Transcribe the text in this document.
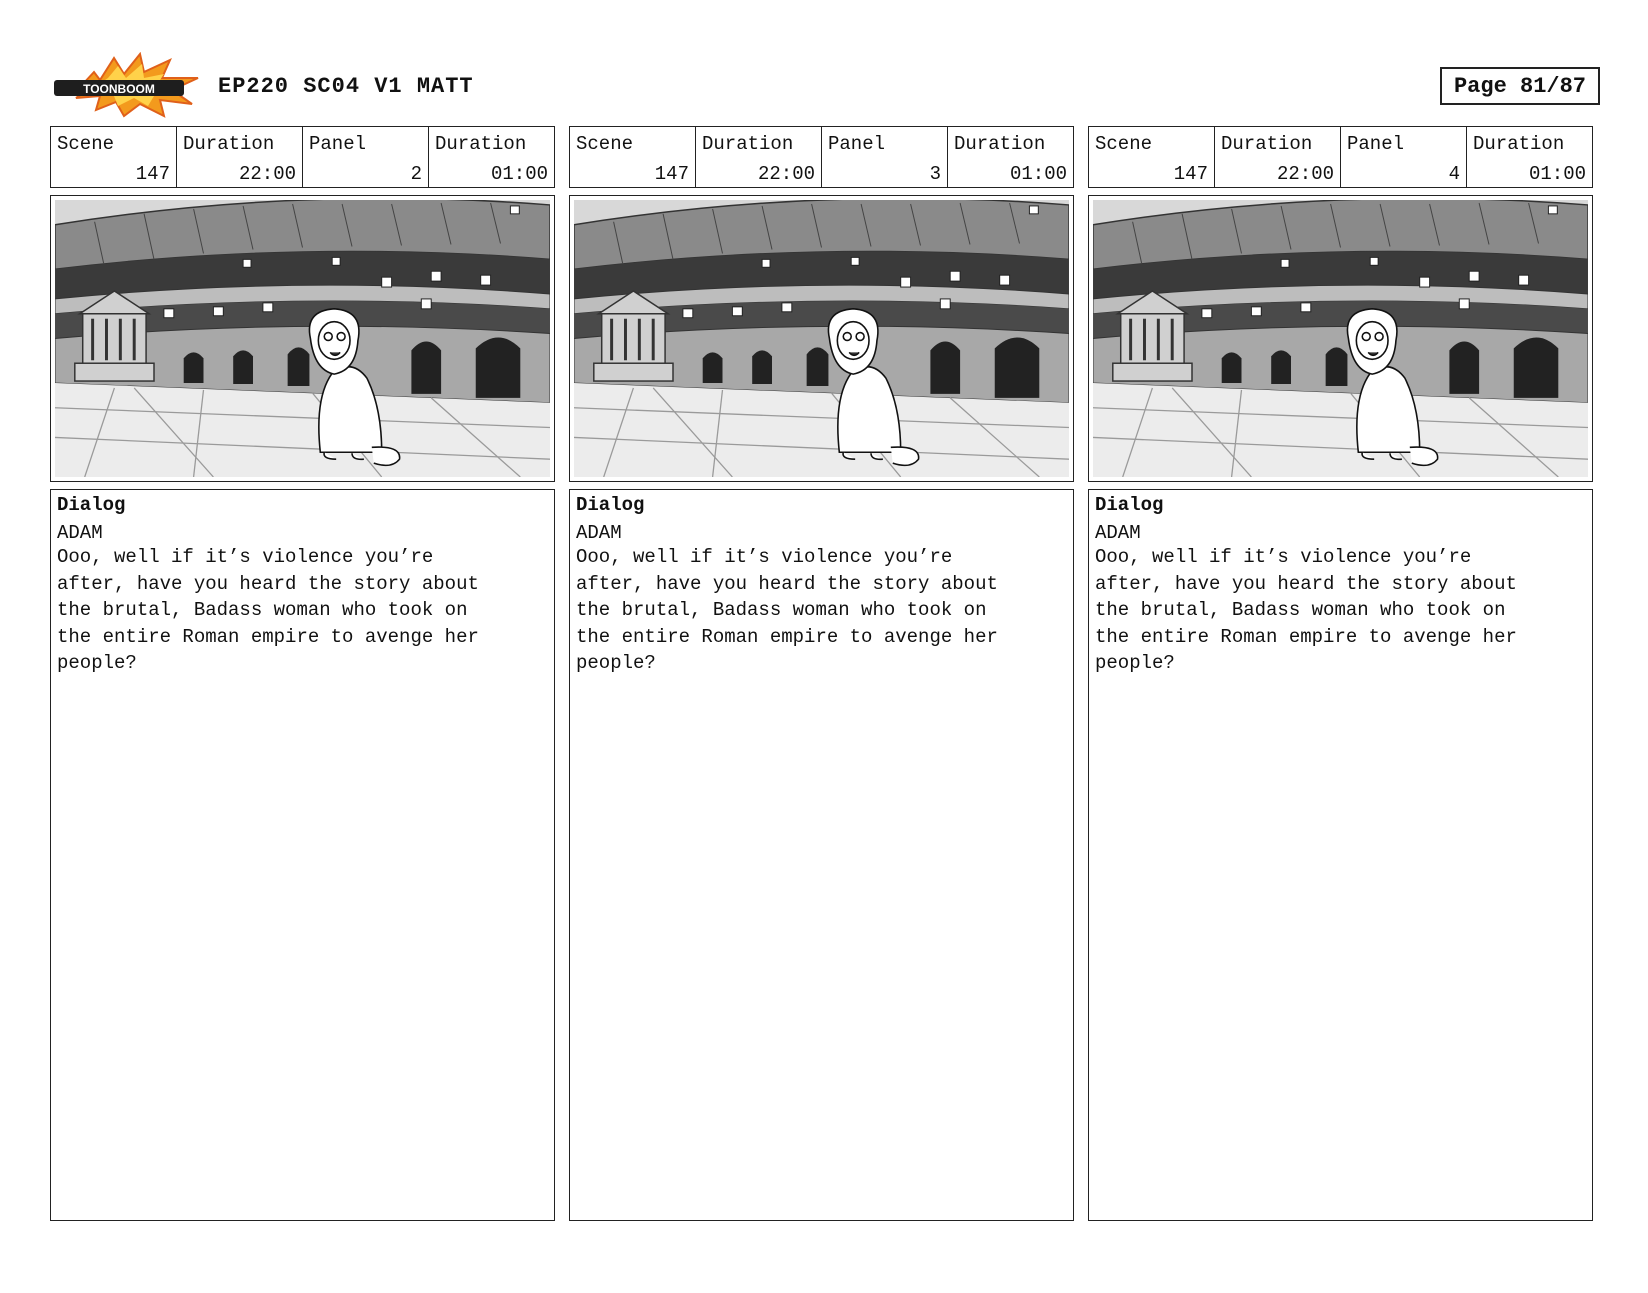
TOONBOOM	EP220 SC04 V1 MATT	Page 81/87
Scene
147
Duration
22:00
Panel
2
Duration
01:00
Dialog
ADAM
Ooo, well if it’s violence you’re
after, have you heard the story about
the brutal, Badass woman who took on
the entire Roman empire to avenge her
people?
Scene
147
Duration
22:00
Panel
3
Duration
01:00
Dialog
ADAM
Ooo, well if it’s violence you’re
after, have you heard the story about
the brutal, Badass woman who took on
the entire Roman empire to avenge her
people?
Scene
147
Duration
22:00
Panel
4
Duration
01:00
Dialog
ADAM
Ooo, well if it’s violence you’re
after, have you heard the story about
the brutal, Badass woman who took on
the entire Roman empire to avenge her
people?
